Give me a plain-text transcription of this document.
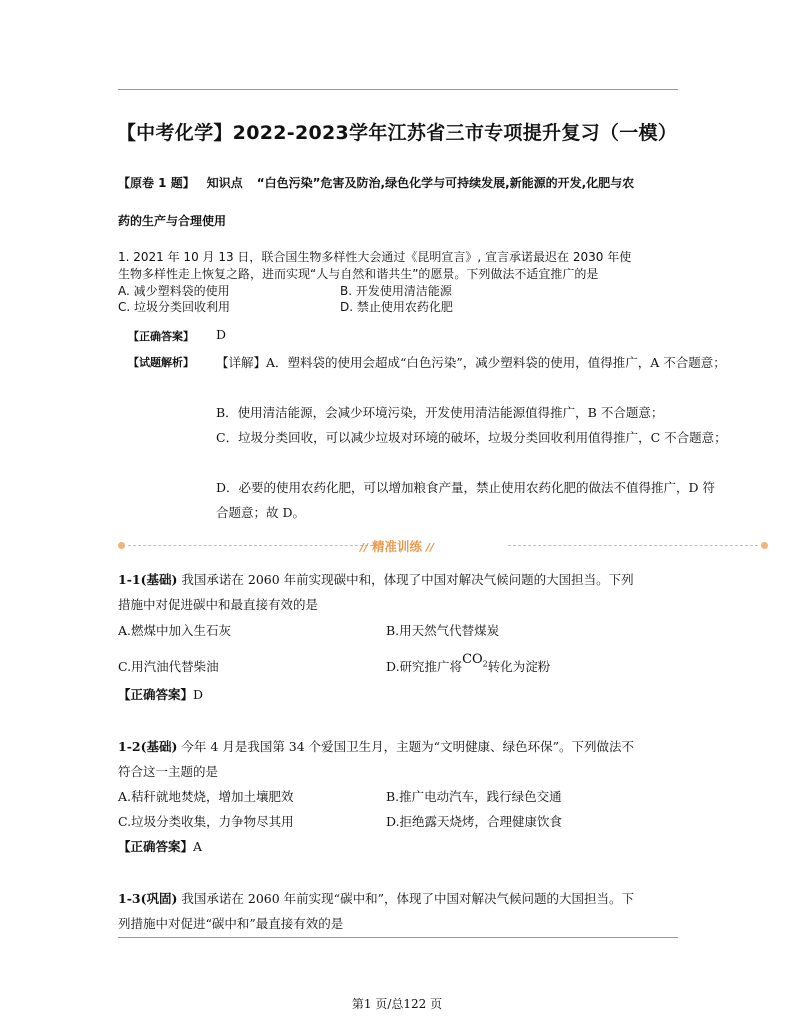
【中考化学】2022-2023学年江苏省三市专项提升复习（一模）
【原卷 1 题】 知识点 “白色污染”危害及防治,绿色化学与可持续发展,新能源的开发,化肥与农
药的生产与合理使用
1. 2021 年 10 月 13 日，联合国生物多样性大会通过《昆明宣言》, 宣言承诺最迟在 2030 年使
生物多样性走上恢复之路，进而实现“人与自然和谐共生”的愿景。下列做法不适宜推广的是
A. 减少塑料袋的使用	B. 开发使用清洁能源
C. 垃圾分类回收利用	D. 禁止使用农药化肥
【正确答案】 D
【试题解析】 【详解】A．塑料袋的使用会超成“白色污染”，减少塑料袋的使用，值得推广，A 不合题意；
B．使用清洁能源，会减少环境污染，开发使用清洁能源值得推广，B 不合题意；
C．垃圾分类回收，可以减少垃圾对环境的破坏，垃圾分类回收利用值得推广，C 不合题意；
D．必要的使用农药化肥，可以增加粮食产量，禁止使用农药化肥的做法不值得推广，D 符
合题意；故 D。
// 精准训练 //
1-1(基础) 我国承诺在 2060 年前实现碳中和，体现了中国对解决气候问题的大国担当。下列
措施中对促进碳中和最直接有效的是
A.燃煤中加入生石灰	B.用天然气代替煤炭
C.用汽油代替柴油	D.研究推广将$CO_2$转化为淀粉
【正确答案】D
1-2(基础) 今年 4 月是我国第 34 个爱国卫生月，主题为“文明健康、绿色环保”。下列做法不
符合这一主题的是
A.秸秆就地焚烧，增加土壤肥效	B.推广电动汽车，践行绿色交通
C.垃圾分类收集，力争物尽其用	D.拒绝露天烧烤，合理健康饮食
【正确答案】A
1-3(巩固) 我国承诺在 2060 年前实现“碳中和”，体现了中国对解决气候问题的大国担当。下
列措施中对促进“碳中和”最直接有效的是
第1 页/总122 页
